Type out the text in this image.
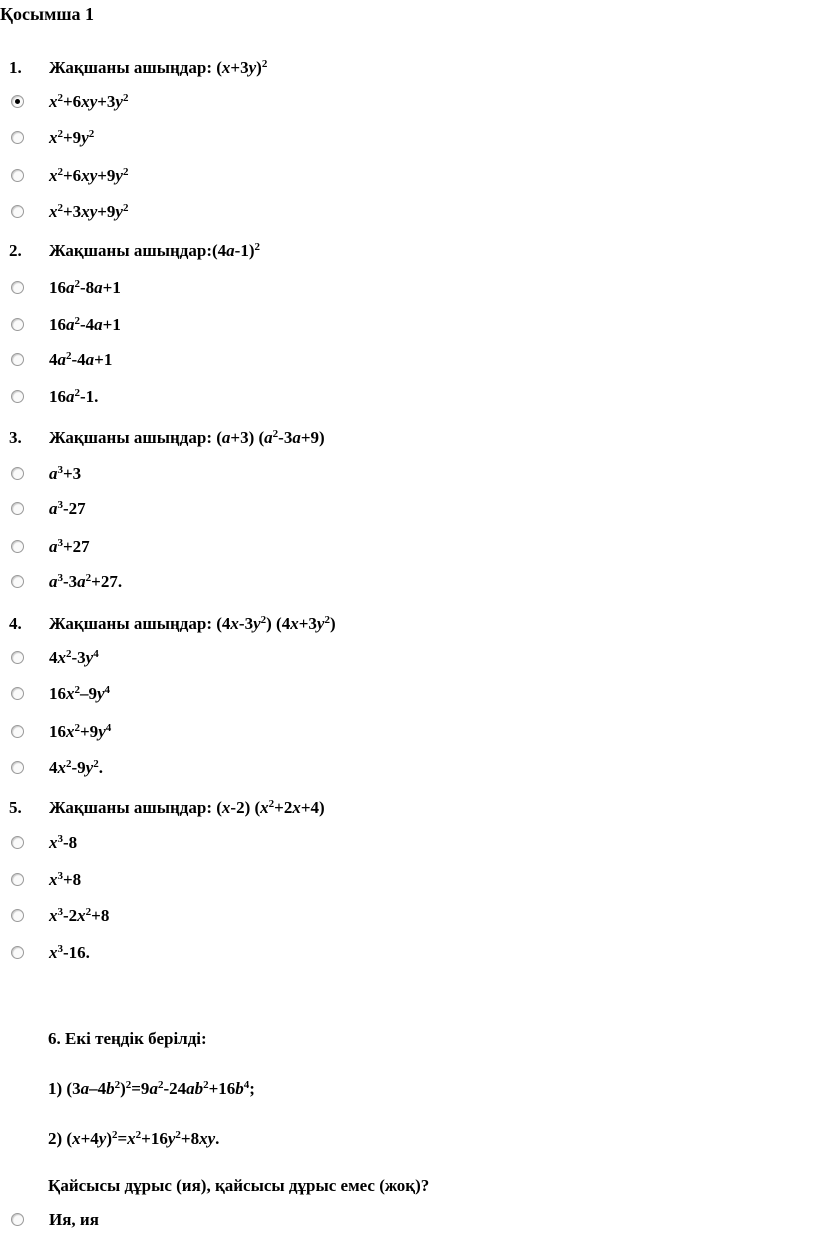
Қосымша 1
1. Жақшаны ашыңдар: $(x+3y)^2$
$x^2+6xy+3y^2$
$x^2+9y^2$
$x^2+6xy+9y^2$
$x^2+3xy+9y^2$
2. Жақшаны $ашыңдар:(4a-1)^2$
$16a^2-8a+1$
$16a^2-4a+1$
$4a^2-4a+1$
$16a^2-1$.
3. Жақшаны ашыңдар: (a+3) $(a^2-3a+9)$
$a^3+3$
$a^3-27$
$a^3+27$
$a^3-3a^2+27$.
4. Жақшаны ашыңдар: $(4x-3y^2)$ $(4x+3y^2)$
$4x^2-3y^4$
$16x^2-9y^4$
$16x^2+9y^4$
$4x^2-9y^2$.
5. Жақшаны ашыңдар: (x-2) $(x^2+2x+4)$
$x^3-8$
$x^3+8$
$x^3-2x^2+8$
$x^3-16$.
6. Екі теңдік берілді:
1) $(3a-4b^2)^2=9a^2-24ab^2+16b^4$;
2) $(x+4y)^2=x^2+16y^2+8xy$.
Қайсысы дұрыс (ия), қайсысы дұрыс емес (жоқ)?
Ия, ия
